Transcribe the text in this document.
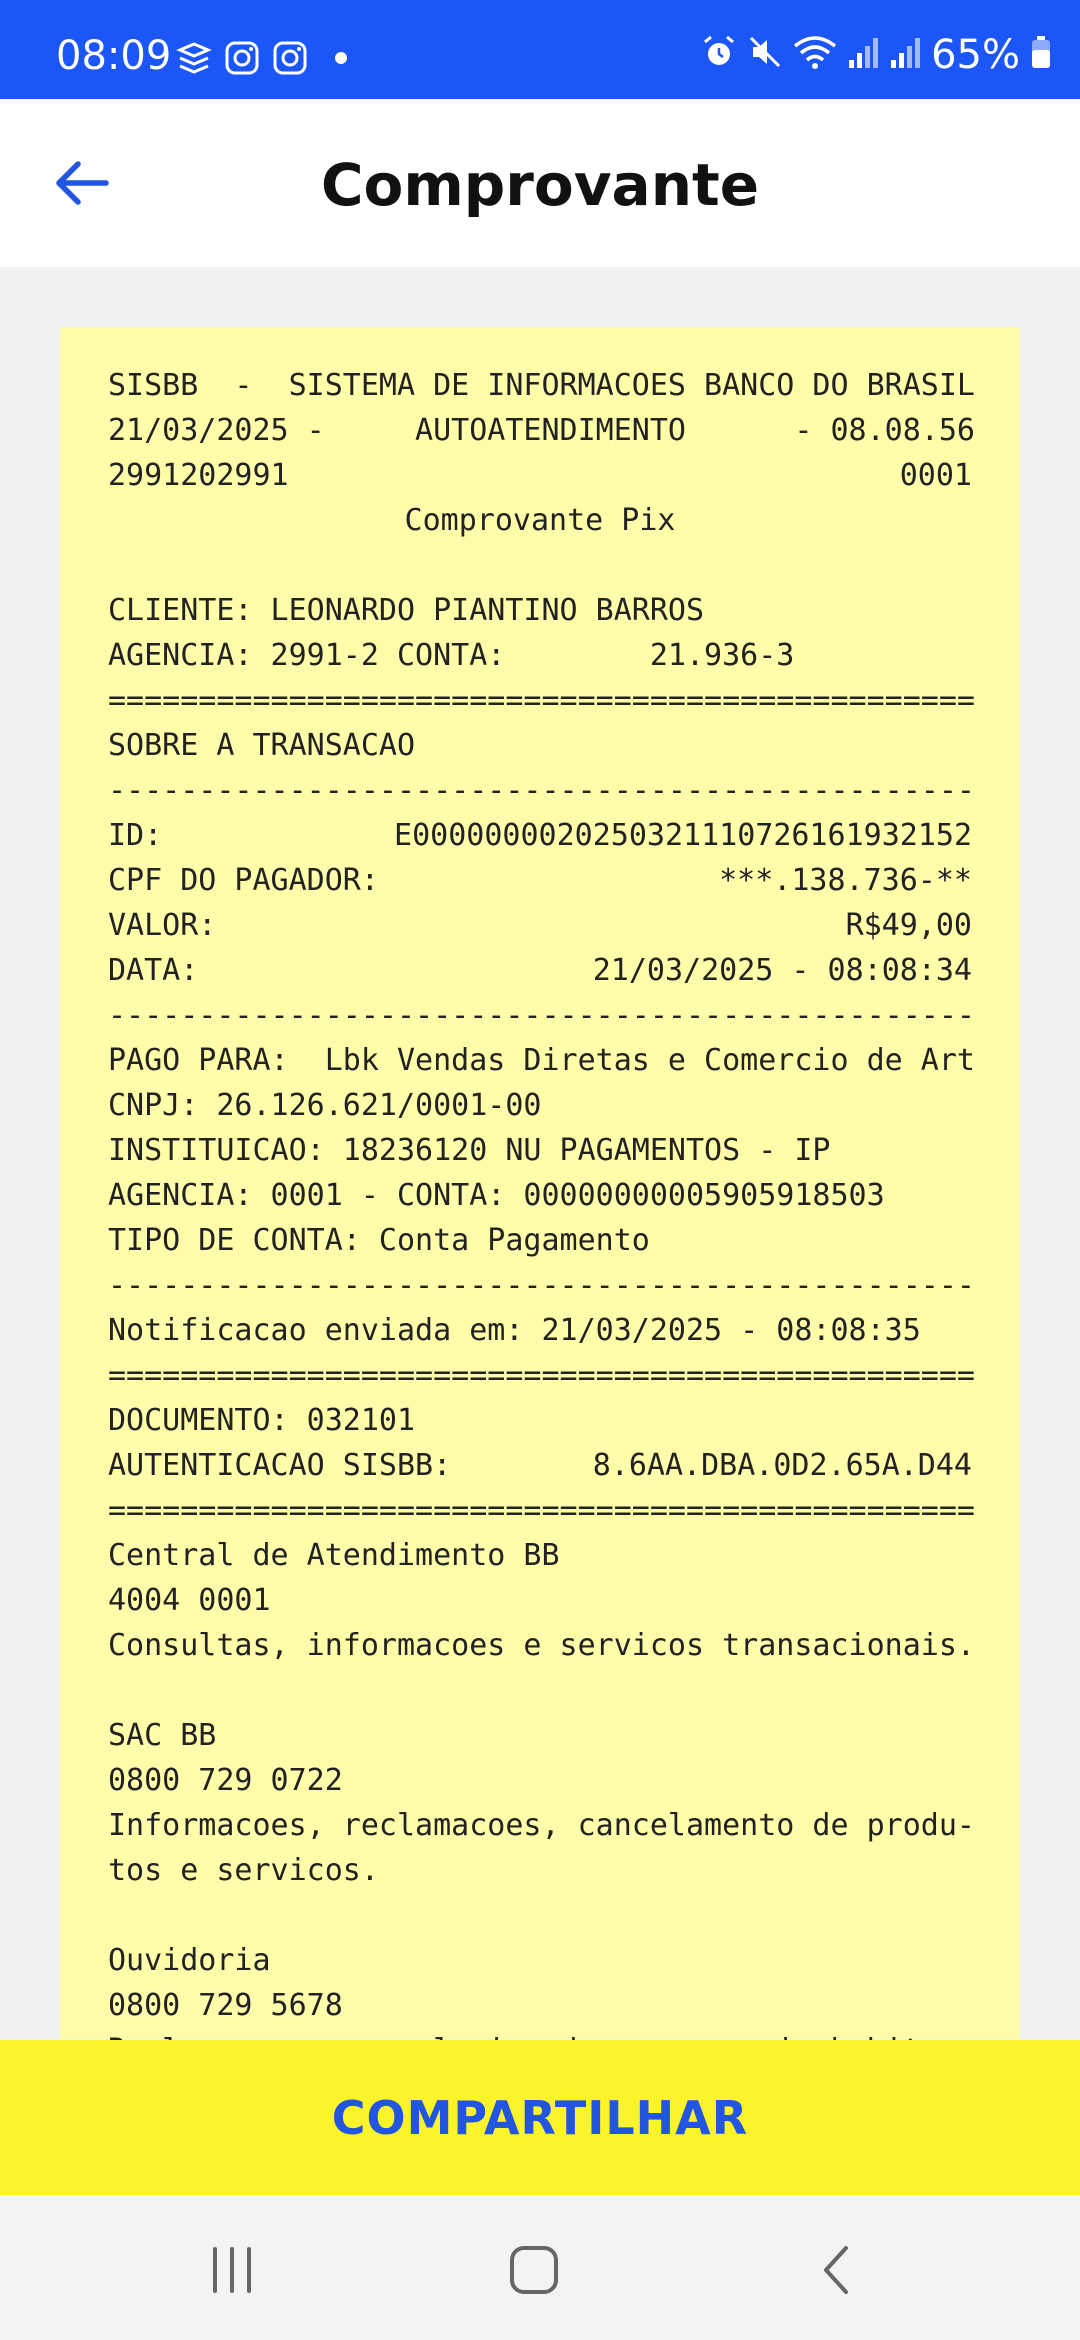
08:09	65%
Comprovante
SISBB  -  SISTEMA DE INFORMACOES BANCO DO BRASIL
21/03/2025 -     AUTOATENDIMENTO      - 08.08.56
2991202991	0001
Comprovante Pix
CLIENTE: LEONARDO PIANTINO BARROS
AGENCIA: 2991-2 CONTA:        21.936-3
================================================
SOBRE A TRANSACAO
------------------------------------------------
ID:	E00000000202503211107261619321​52
CPF DO PAGADOR:	***.138.736-**
VALOR:	R$49,00
DATA:	21/03/2025 - 08:08:34
------------------------------------------------
PAGO PARA:  Lbk Vendas Diretas e Comercio de Art
CNPJ: 26.126.621/0001-00
INSTITUICAO: 18236120 NU PAGAMENTOS - IP
AGENCIA: 0001 - CONTA: 00000000005905918503
TIPO DE CONTA: Conta Pagamento
------------------------------------------------
Notificacao enviada em: 21/03/2025 - 08:08:35
================================================
DOCUMENTO: 032101
AUTENTICACAO SISBB:	8.6AA.DBA.0D2.65A.D44
================================================
Central de Atendimento BB
4004 0001
Consultas, informacoes e servicos transacionais.
SAC BB
0800 729 0722
Informacoes, reclamacoes, cancelamento de produ-
tos e servicos.
Ouvidoria
0800 729 5678
COMPARTILHAR
